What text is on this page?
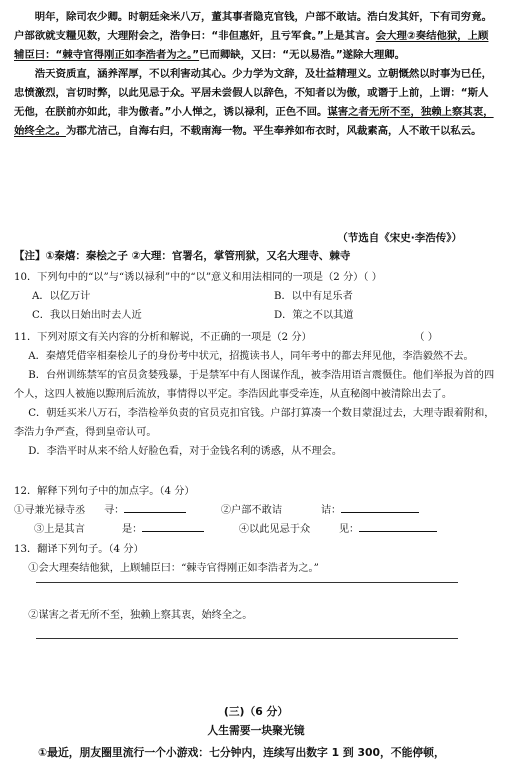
明年，除司农少卿。时朝廷籴米八万，董其事者隐克官钱，户部不敢诘。浩白发其奸，下有司穷竟。户部欲就支糧见数，大理附会之，浩争曰：“非但惠奸，且亏军食。”上是其言。会大理②奏结他狱，上顾辅臣曰：“棘寺官得刚正如李浩者为之。”已而卿缺，又曰：“无以易浩。”遂除大理卿。

浩天资质直，涵养浑厚，不以利害动其心。少力学为文辞，及壮益精理义。立朝慨然以时事为已任，忠愤激烈，言切时弊，以此见忌于众。平居未尝假人以辞色，不知者以为傲，或谮于上前，上谓：“斯人无他，在朕前亦如此，非为傲者。”小人惮之，诱以禄利，正色不回。谋害之者无所不至，独赖上察其衷，始终全之。为郡尤洁己，自海右归，不载南海一物。平生奉养如布衣时，风裁素高，人不敢干以私云。

（节选自《宋史·李浩传》）
【注】①秦熺：秦桧之子 ②大理：官署名，掌管刑狱，又名大理寺、棘寺

10．下列句中的“以”与“诱以禄利”中的“以”意义和用法相同的一项是（2 分）（ ）

A．以亿万计	B．以中有足乐者
C．我以日始出时去人近	D．策之不以其道

11．下列对原文有关内容的分析和解说，不正确的一项是（2 分）	（ ）

A．秦熺凭借宰相秦桧儿子的身份考中状元，招揽读书人，同年考中的都去拜见他，李浩毅然不去。

B．台州训练禁军的官员贪婪残暴，于是禁军中有人图谋作乱，被李浩用语言震慑住。他们举报为首的四个人，这四人被施以黥刑后流放，事情得以平定。李浩因此事受牵连，从直秘阁中被清除出去了。

C．朝廷买米八万石，李浩检举负责的官员克扣官钱。户部打算凑一个数目蒙混过去，大理寺跟着附和，李浩力争严查，得到皇帝认可。

D．李浩平时从来不给人好脸色看，对于金钱名利的诱惑，从不理会。

12．解释下列句子中的加点字。（4 分）

①寻兼光禄寺丞 寻：	②户部不敢诘	诘：

③上是其言	是：	④以此见忌于众	见：

13．翻译下列句子。（4 分）

①会大理奏结他狱，上顾辅臣曰：“棘寺官得刚正如李浩者为之。”

②谋害之者无所不至，独赖上察其衷，始终全之。

(三)（6 分）
人生需要一块聚光镜
①最近，朋友圈里流行一个小游戏：七分钟内，连续写出数字 1 到 300，不能停顿，
